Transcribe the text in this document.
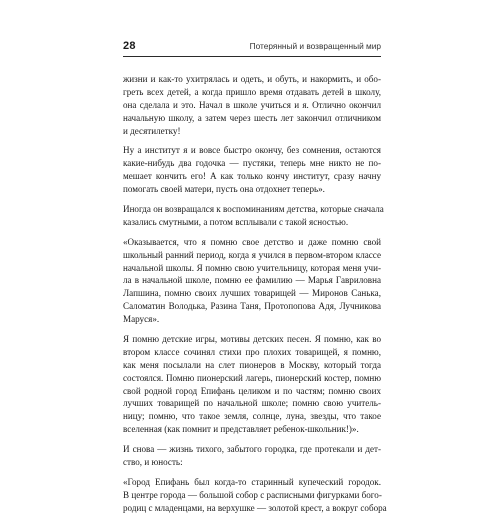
28	Потерянный и возвращенный мир

жизни и как-то ухитрялась и одеть, и обуть, и накормить, и обо-
греть всех детей, а когда пришло время отдавать детей в школу,
она сделала и это. Начал в школе учиться и я. Отлично окончил
начальную школу, а затем через шесть лет закончил отличником
и десятилетку!

Ну а институт я и вовсе быстро окончу, без сомнения, остаются
какие-нибудь два годочка — пустяки, теперь мне никто не по-
мешает кончить его! А как только кончу институт, сразу начну
помогать своей матери, пусть она отдохнет теперь».

Иногда он возвращался к воспоминаниям детства, которые сначала
казались смутными, а потом всплывали с такой ясностью.

«Оказывается, что я помню свое детство и даже помню свой
школьный ранний период, когда я учился в первом-втором классе
начальной школы. Я помню свою учительницу, которая меня учи-
ла в начальной школе, помню ее фамилию — Марья Гавриловна
Лапшина, помню своих лучших товарищей — Миронов Санька,
Саломатин Володька, Разина Таня, Протопопова Адя, Лучникова
Маруся».

Я помню детские игры, мотивы детских песен. Я помню, как во
втором классе сочинял стихи про плохих товарищей, я помню,
как меня посылали на слет пионеров в Москву, который тогда
состоялся. Помню пионерский лагерь, пионерский костер, помню
свой родной город Епифань целиком и по частям; помню своих
лучших товарищей по начальной школе; помню свою учитель-
ницу; помню, что такое земля, солнце, луна, звезды, что такое
вселенная (как помнит и представляет ребенок-школьник!)».

И снова — жизнь тихого, забытого городка, где протекали и дет-
ство, и юность:

«Город Епифань был когда-то старинный купеческий городок.
В центре города — большой собор с расписными фигурками бого-
родиц с младенцами, на верхушке — золотой крест, а вокруг собора
